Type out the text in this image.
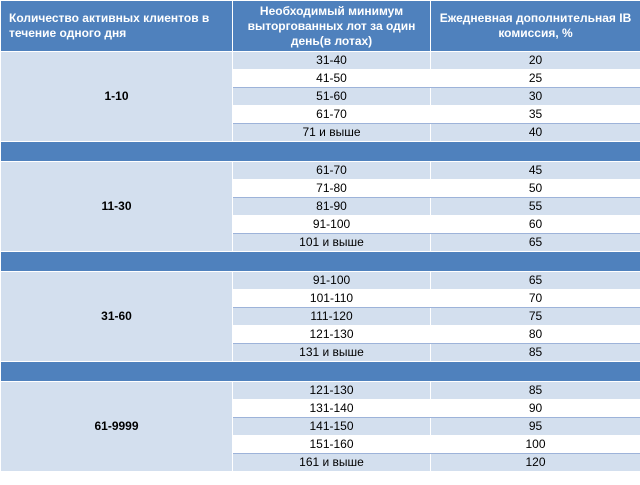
Количество активных клиентов в течение одного дня	Необходимый минимум выторгованных лот за один день(в лотах)	Ежедневная дополнительная IB комиссия, %
1-10	31-40	20
	41-50	25
	51-60	30
	61-70	35
	71 и выше	40

11-30	61-70	45
	71-80	50
	81-90	55
	91-100	60
	101 и выше	65

31-60	91-100	65
	101-110	70
	111-120	75
	121-130	80
	131 и выше	85

61-9999	121-130	85
	131-140	90
	141-150	95
	151-160	100
	161 и выше	120
